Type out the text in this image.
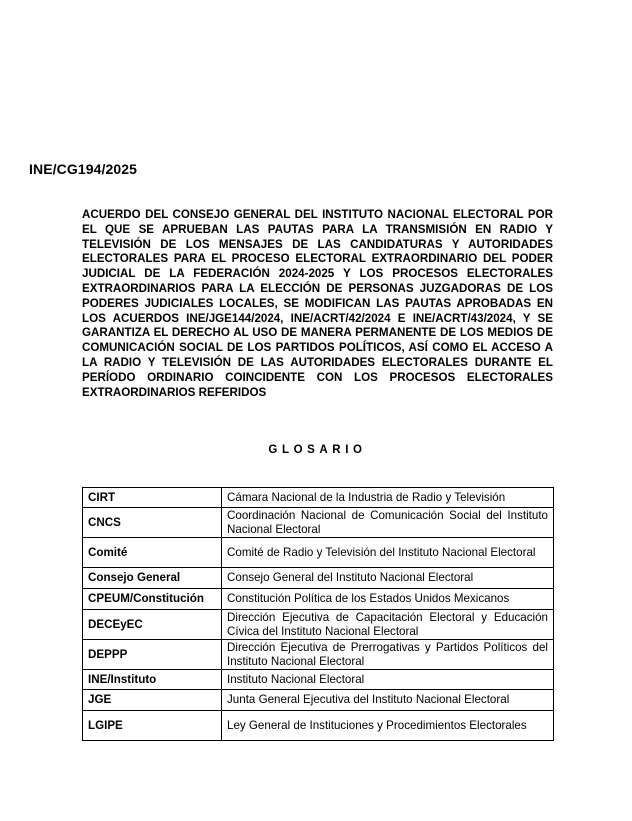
INE/CG194/2025
ACUERDO DEL CONSEJO GENERAL DEL INSTITUTO NACIONAL ELECTORAL POR EL QUE SE APRUEBAN LAS PAUTAS PARA LA TRANSMISIÓN EN RADIO Y TELEVISIÓN DE LOS MENSAJES DE LAS CANDIDATURAS Y AUTORIDADES ELECTORALES PARA EL PROCESO ELECTORAL EXTRAORDINARIO DEL PODER JUDICIAL DE LA FEDERACIÓN 2024-2025 Y LOS PROCESOS ELECTORALES EXTRAORDINARIOS PARA LA ELECCIÓN DE PERSONAS JUZGADORAS DE LOS PODERES JUDICIALES LOCALES, SE MODIFICAN LAS PAUTAS APROBADAS EN LOS ACUERDOS INE/JGE144/2024, INE/ACRT/42/2024 E INE/ACRT/43/2024, Y SE GARANTIZA EL DERECHO AL USO DE MANERA PERMANENTE DE LOS MEDIOS DE COMUNICACIÓN SOCIAL DE LOS PARTIDOS POLÍTICOS, ASÍ COMO EL ACCESO A LA RADIO Y TELEVISIÓN DE LAS AUTORIDADES ELECTORALES DURANTE EL PERÍODO ORDINARIO COINCIDENTE CON LOS PROCESOS ELECTORALES EXTRAORDINARIOS REFERIDOS
GLOSARIO
CIRT	Cámara Nacional de la Industria de Radio y Televisión
CNCS	Coordinación Nacional de Comunicación Social del Instituto Nacional Electoral
Comité	Comité de Radio y Televisión del Instituto Nacional Electoral
Consejo General	Consejo General del Instituto Nacional Electoral
CPEUM/Constitución	Constitución Política de los Estados Unidos Mexicanos
DECEyEC	Dirección Ejecutiva de Capacitación Electoral y Educación Cívica del Instituto Nacional Electoral
DEPPP	Dirección Ejecutiva de Prerrogativas y Partidos Políticos del Instituto Nacional Electoral
INE/Instituto	Instituto Nacional Electoral
JGE	Junta General Ejecutiva del Instituto Nacional Electoral
LGIPE	Ley General de Instituciones y Procedimientos Electorales
